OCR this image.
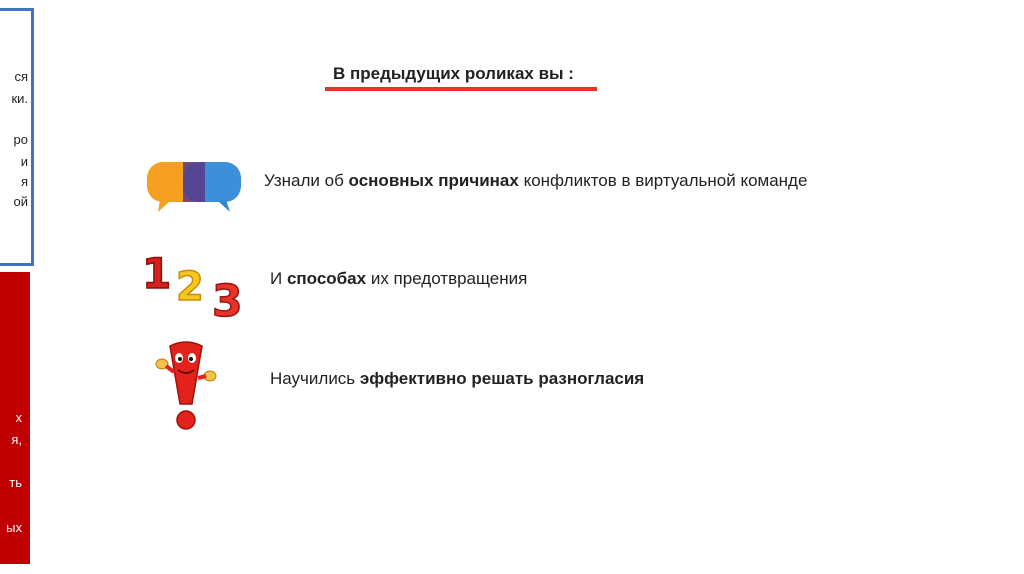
ся
ки.
ро
и
я
ой
х
я,
ть
ых
В предыдущих роликах вы :
Узнали об основных причинах конфликтов в виртуальной команде
1 2 3 И способах их предотвращения
Научились эффективно решать разногласия
